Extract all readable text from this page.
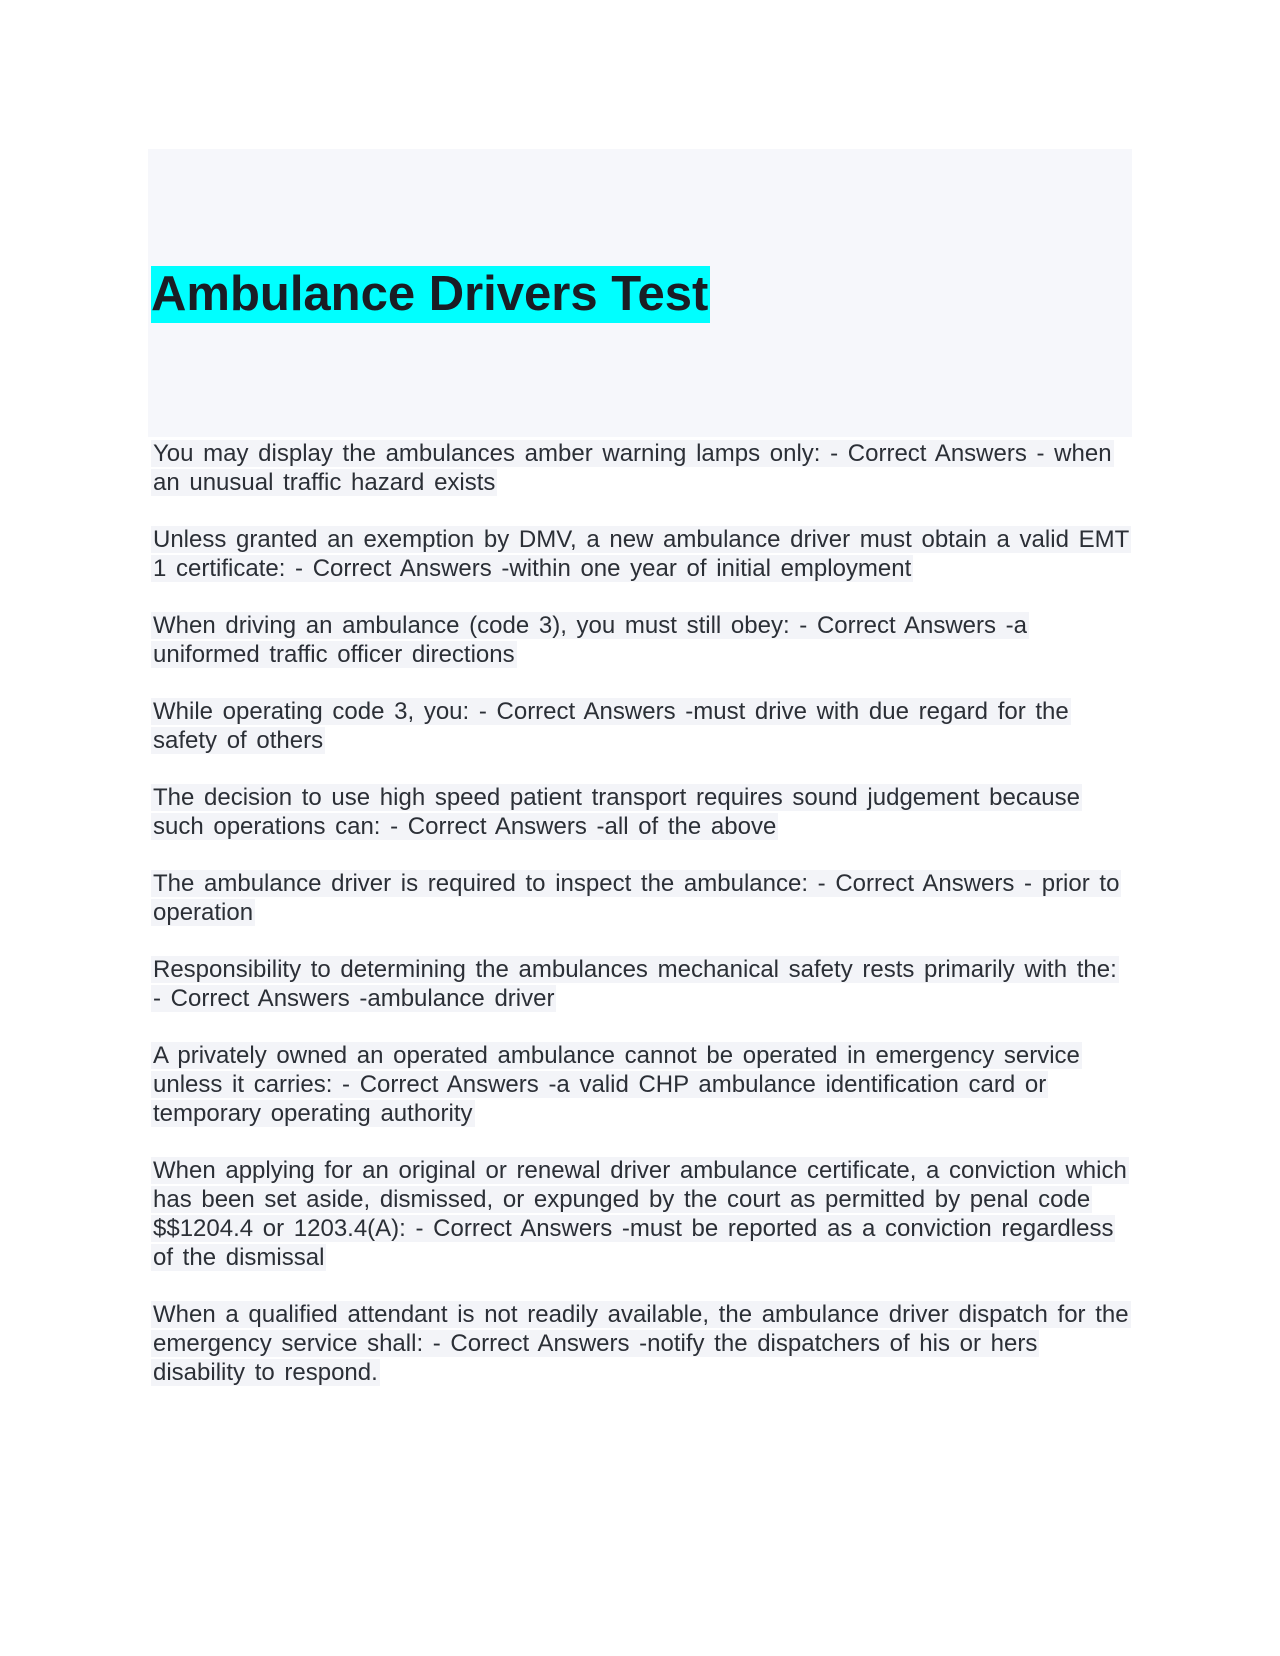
Ambulance Drivers Test
You may display the ambulances amber warning lamps only: - Correct Answers - when an unusual traffic hazard exists
Unless granted an exemption by DMV, a new ambulance driver must obtain a valid EMT 1 certificate: - Correct Answers -within one year of initial employment
When driving an ambulance (code 3), you must still obey: - Correct Answers -a uniformed traffic officer directions
While operating code 3, you: - Correct Answers -must drive with due regard for the safety of others
The decision to use high speed patient transport requires sound judgement because such operations can: - Correct Answers -all of the above
The ambulance driver is required to inspect the ambulance: - Correct Answers - prior to operation
Responsibility to determining the ambulances mechanical safety rests primarily with the: - Correct Answers -ambulance driver
A privately owned an operated ambulance cannot be operated in emergency service unless it carries: - Correct Answers -a valid CHP ambulance identification card or temporary operating authority
When applying for an original or renewal driver ambulance certificate, a conviction which has been set aside, dismissed, or expunged by the court as permitted by penal code $$1204.4 or 1203.4(A): - Correct Answers -must be reported as a conviction regardless of the dismissal
When a qualified attendant is not readily available, the ambulance driver dispatch for the emergency service shall: - Correct Answers -notify the dispatchers of his or hers disability to respond.
